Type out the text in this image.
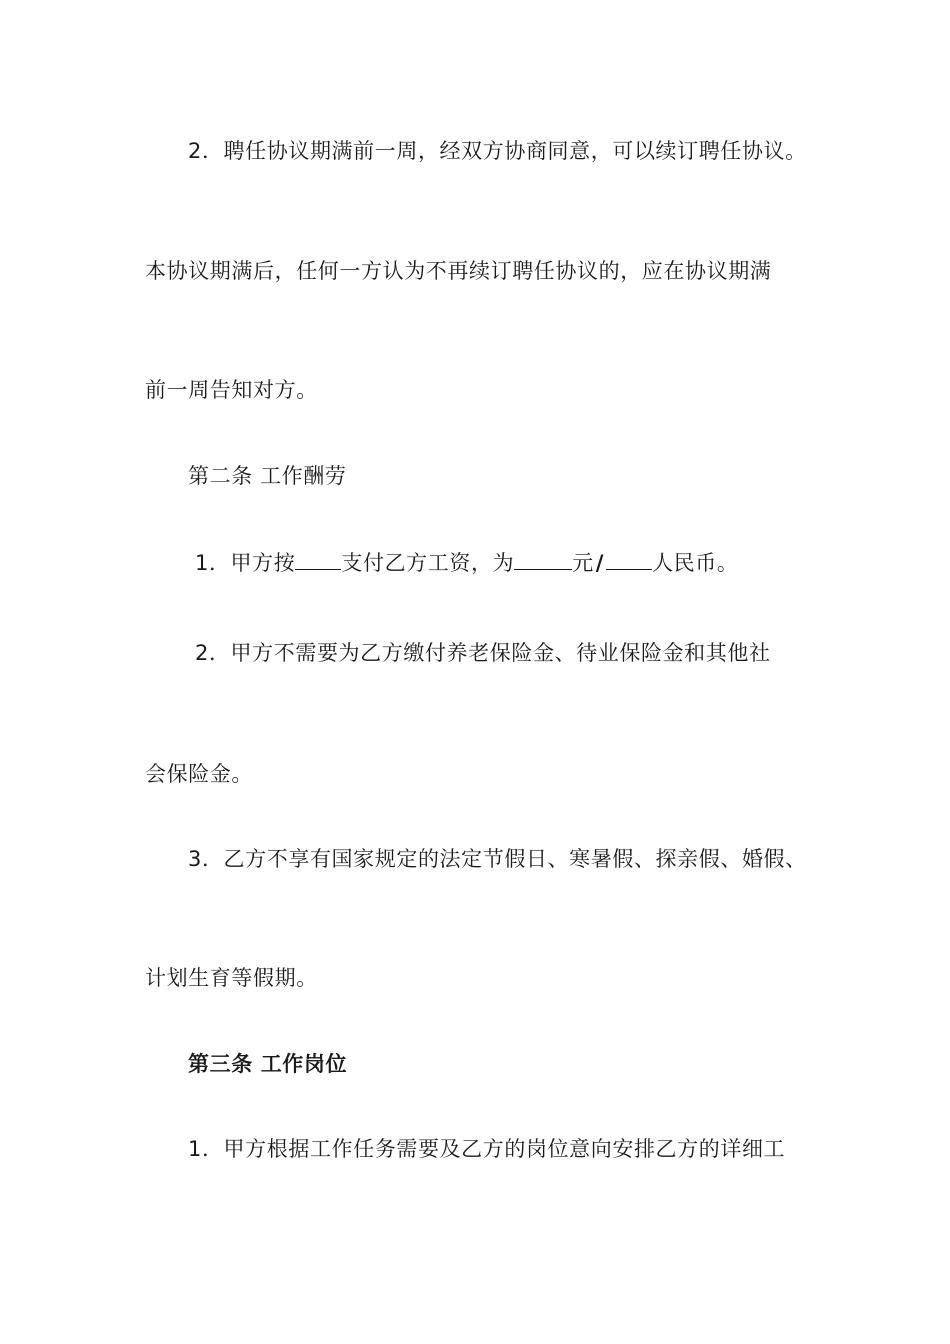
2．聘任协议期满前一周，经双方协商同意，可以续订聘任协议。

本协议期满后，任何一方认为不再续订聘任协议的，应在协议期满

前一周告知对方。

第二条 工作酬劳

1．甲方按 支付乙方工资，为	元/ 人民币。

2．甲方不需要为乙方缴付养老保险金、待业保险金和其他社

会保险金。

3．乙方不享有国家规定的法定节假日、寒暑假、探亲假、婚假、

计划生育等假期。

第三条 工作岗位

1．甲方根据工作任务需要及乙方的岗位意向安排乙方的详细工
